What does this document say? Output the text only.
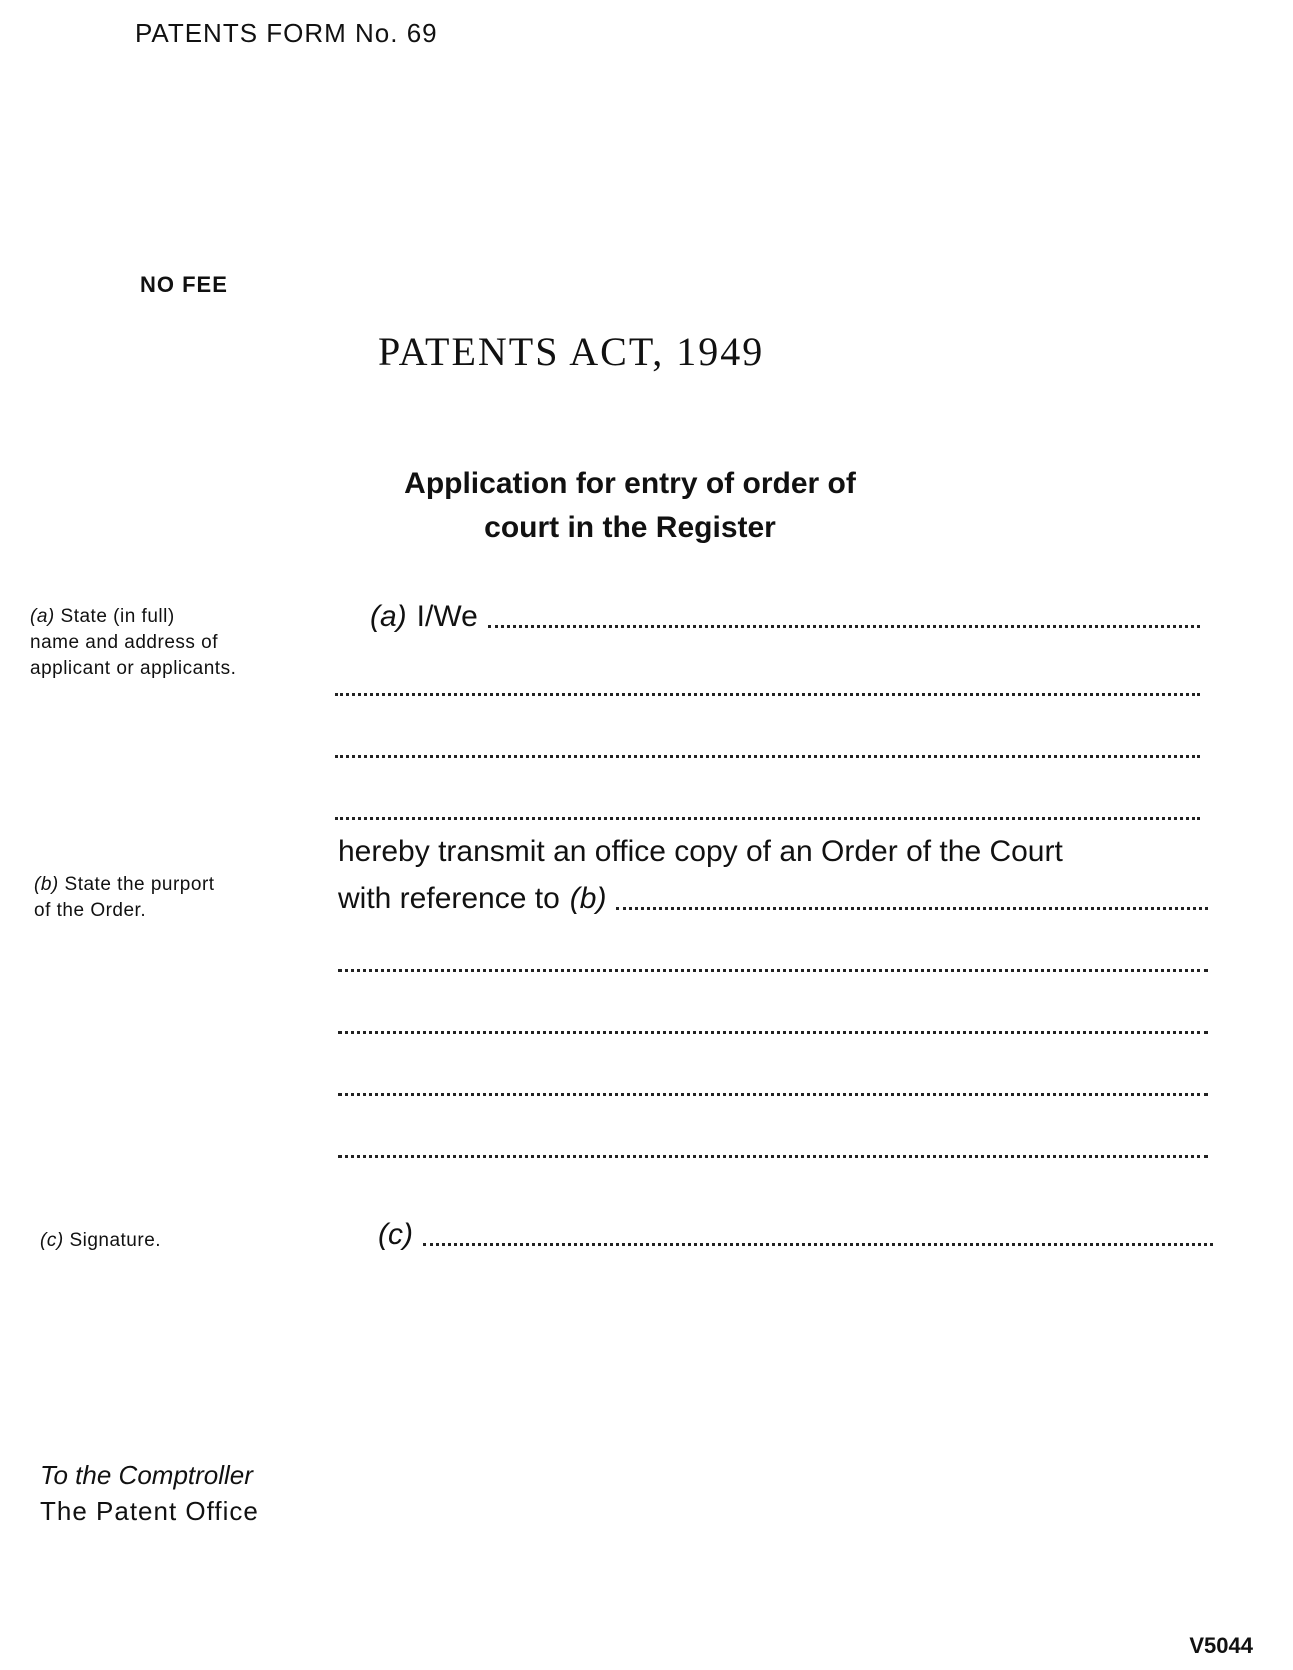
PATENTS FORM No. 69
NO FEE
PATENTS ACT, 1949
Application for entry of order of
court in the Register
(a) State (in full)
name and address of
applicant or applicants.
(b) State the purport
of the Order.
(c) Signature.
(a) I/We
hereby transmit an office copy of an Order of the Court
with reference to (b)
(c)
To the Comptroller
The Patent Office
V5044
